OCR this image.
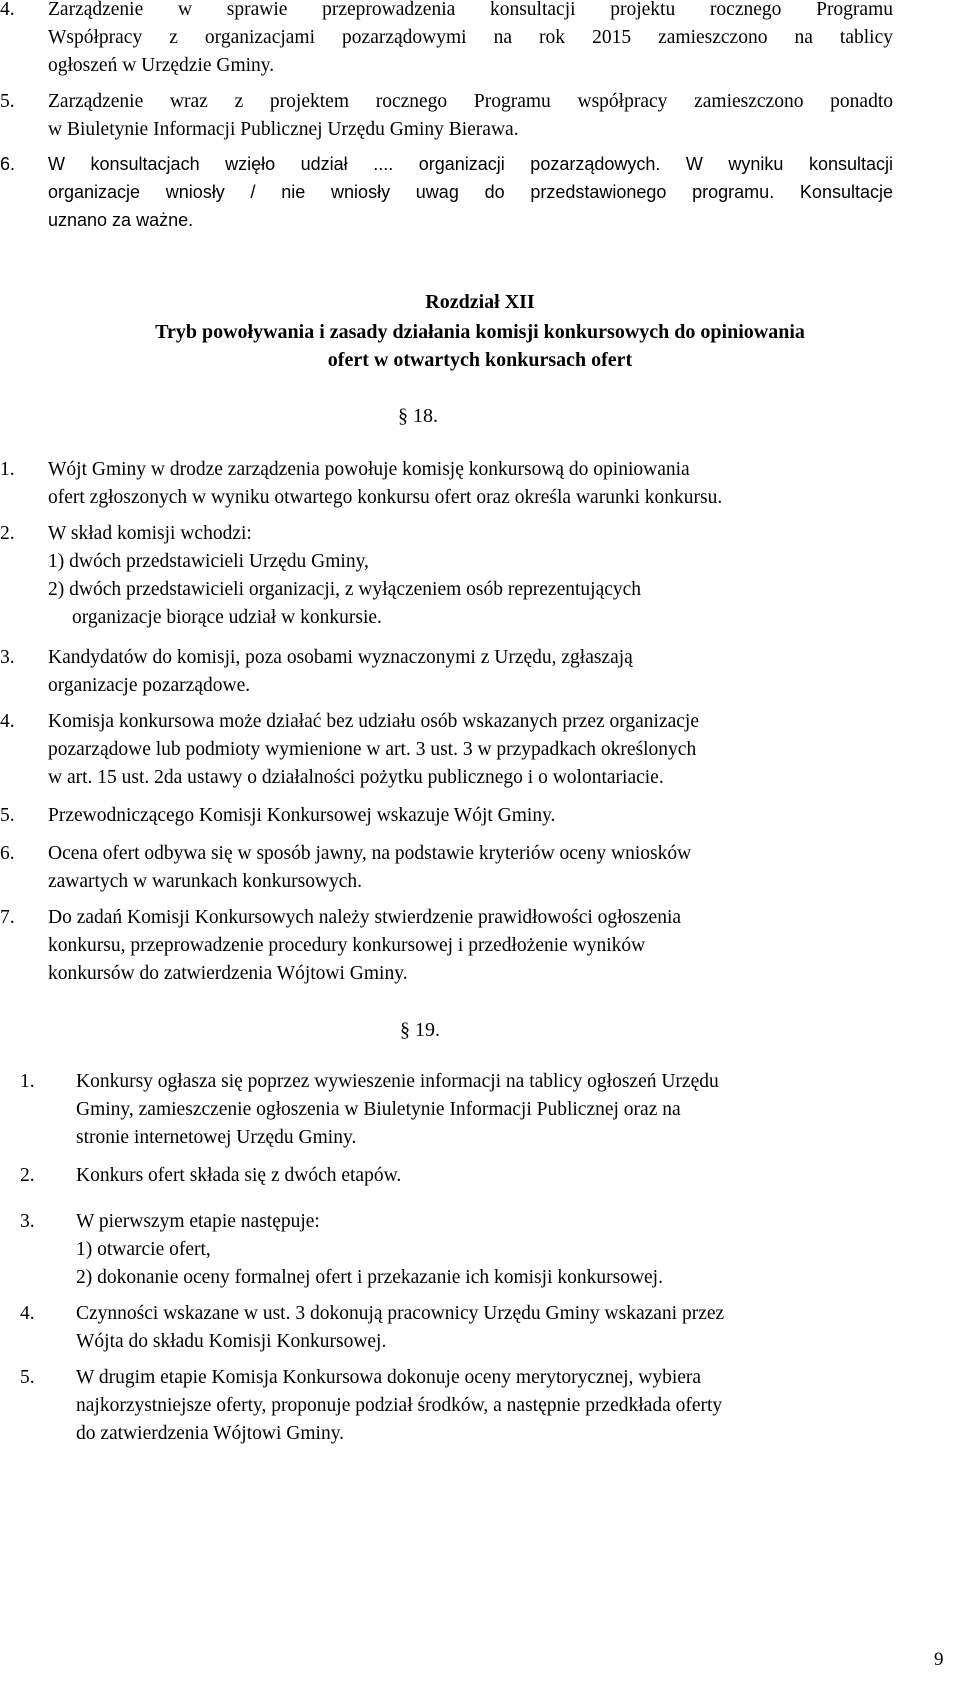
4. Zarządzenie w sprawie przeprowadzenia konsultacji projektu rocznego Programu
Współpracy z organizacjami pozarządowymi na rok 2015 zamieszczono na tablicy
ogłoszeń w Urzędzie Gminy.
5. Zarządzenie wraz z projektem rocznego Programu współpracy zamieszczono ponadto
w Biuletynie Informacji Publicznej Urzędu Gminy Bierawa.
6. W konsultacjach wzięło udział .... organizacji pozarządowych. W wyniku konsultacji
organizacje wniosły / nie wniosły uwag do przedstawionego programu. Konsultacje
uznano za ważne.
Rozdział XII
Tryb powoływania i zasady działania komisji konkursowych do opiniowania
ofert w otwartych konkursach ofert
§ 18.
1. Wójt Gminy w drodze zarządzenia powołuje komisję konkursową do opiniowania
ofert zgłoszonych w wyniku otwartego konkursu ofert oraz określa warunki konkursu.
2. W skład komisji wchodzi:
1) dwóch przedstawicieli Urzędu Gminy,
2) dwóch przedstawicieli organizacji, z wyłączeniem osób reprezentujących
organizacje biorące udział w konkursie.
3. Kandydatów do komisji, poza osobami wyznaczonymi z Urzędu, zgłaszają
organizacje pozarządowe.
4. Komisja konkursowa może działać bez udziału osób wskazanych przez organizacje
pozarządowe lub podmioty wymienione w art. 3 ust. 3 w przypadkach określonych
w art. 15 ust. 2da ustawy o działalności pożytku publicznego i o wolontariacie.
5. Przewodniczącego Komisji Konkursowej wskazuje Wójt Gminy.
6. Ocena ofert odbywa się w sposób jawny, na podstawie kryteriów oceny wniosków
zawartych w warunkach konkursowych.
7. Do zadań Komisji Konkursowych należy stwierdzenie prawidłowości ogłoszenia
konkursu, przeprowadzenie procedury konkursowej i przedłożenie wyników
konkursów do zatwierdzenia Wójtowi Gminy.
§ 19.
1. Konkursy ogłasza się poprzez wywieszenie informacji na tablicy ogłoszeń Urzędu
Gminy, zamieszczenie ogłoszenia w Biuletynie Informacji Publicznej oraz na
stronie internetowej Urzędu Gminy.
2. Konkurs ofert składa się z dwóch etapów.
3. W pierwszym etapie następuje:
1) otwarcie ofert,
2) dokonanie oceny formalnej ofert i przekazanie ich komisji konkursowej.
4. Czynności wskazane w ust. 3 dokonują pracownicy Urzędu Gminy wskazani przez
Wójta do składu Komisji Konkursowej.
5. W drugim etapie Komisja Konkursowa dokonuje oceny merytorycznej, wybiera
najkorzystniejsze oferty, proponuje podział środków, a następnie przedkłada oferty
do zatwierdzenia Wójtowi Gminy.
9
